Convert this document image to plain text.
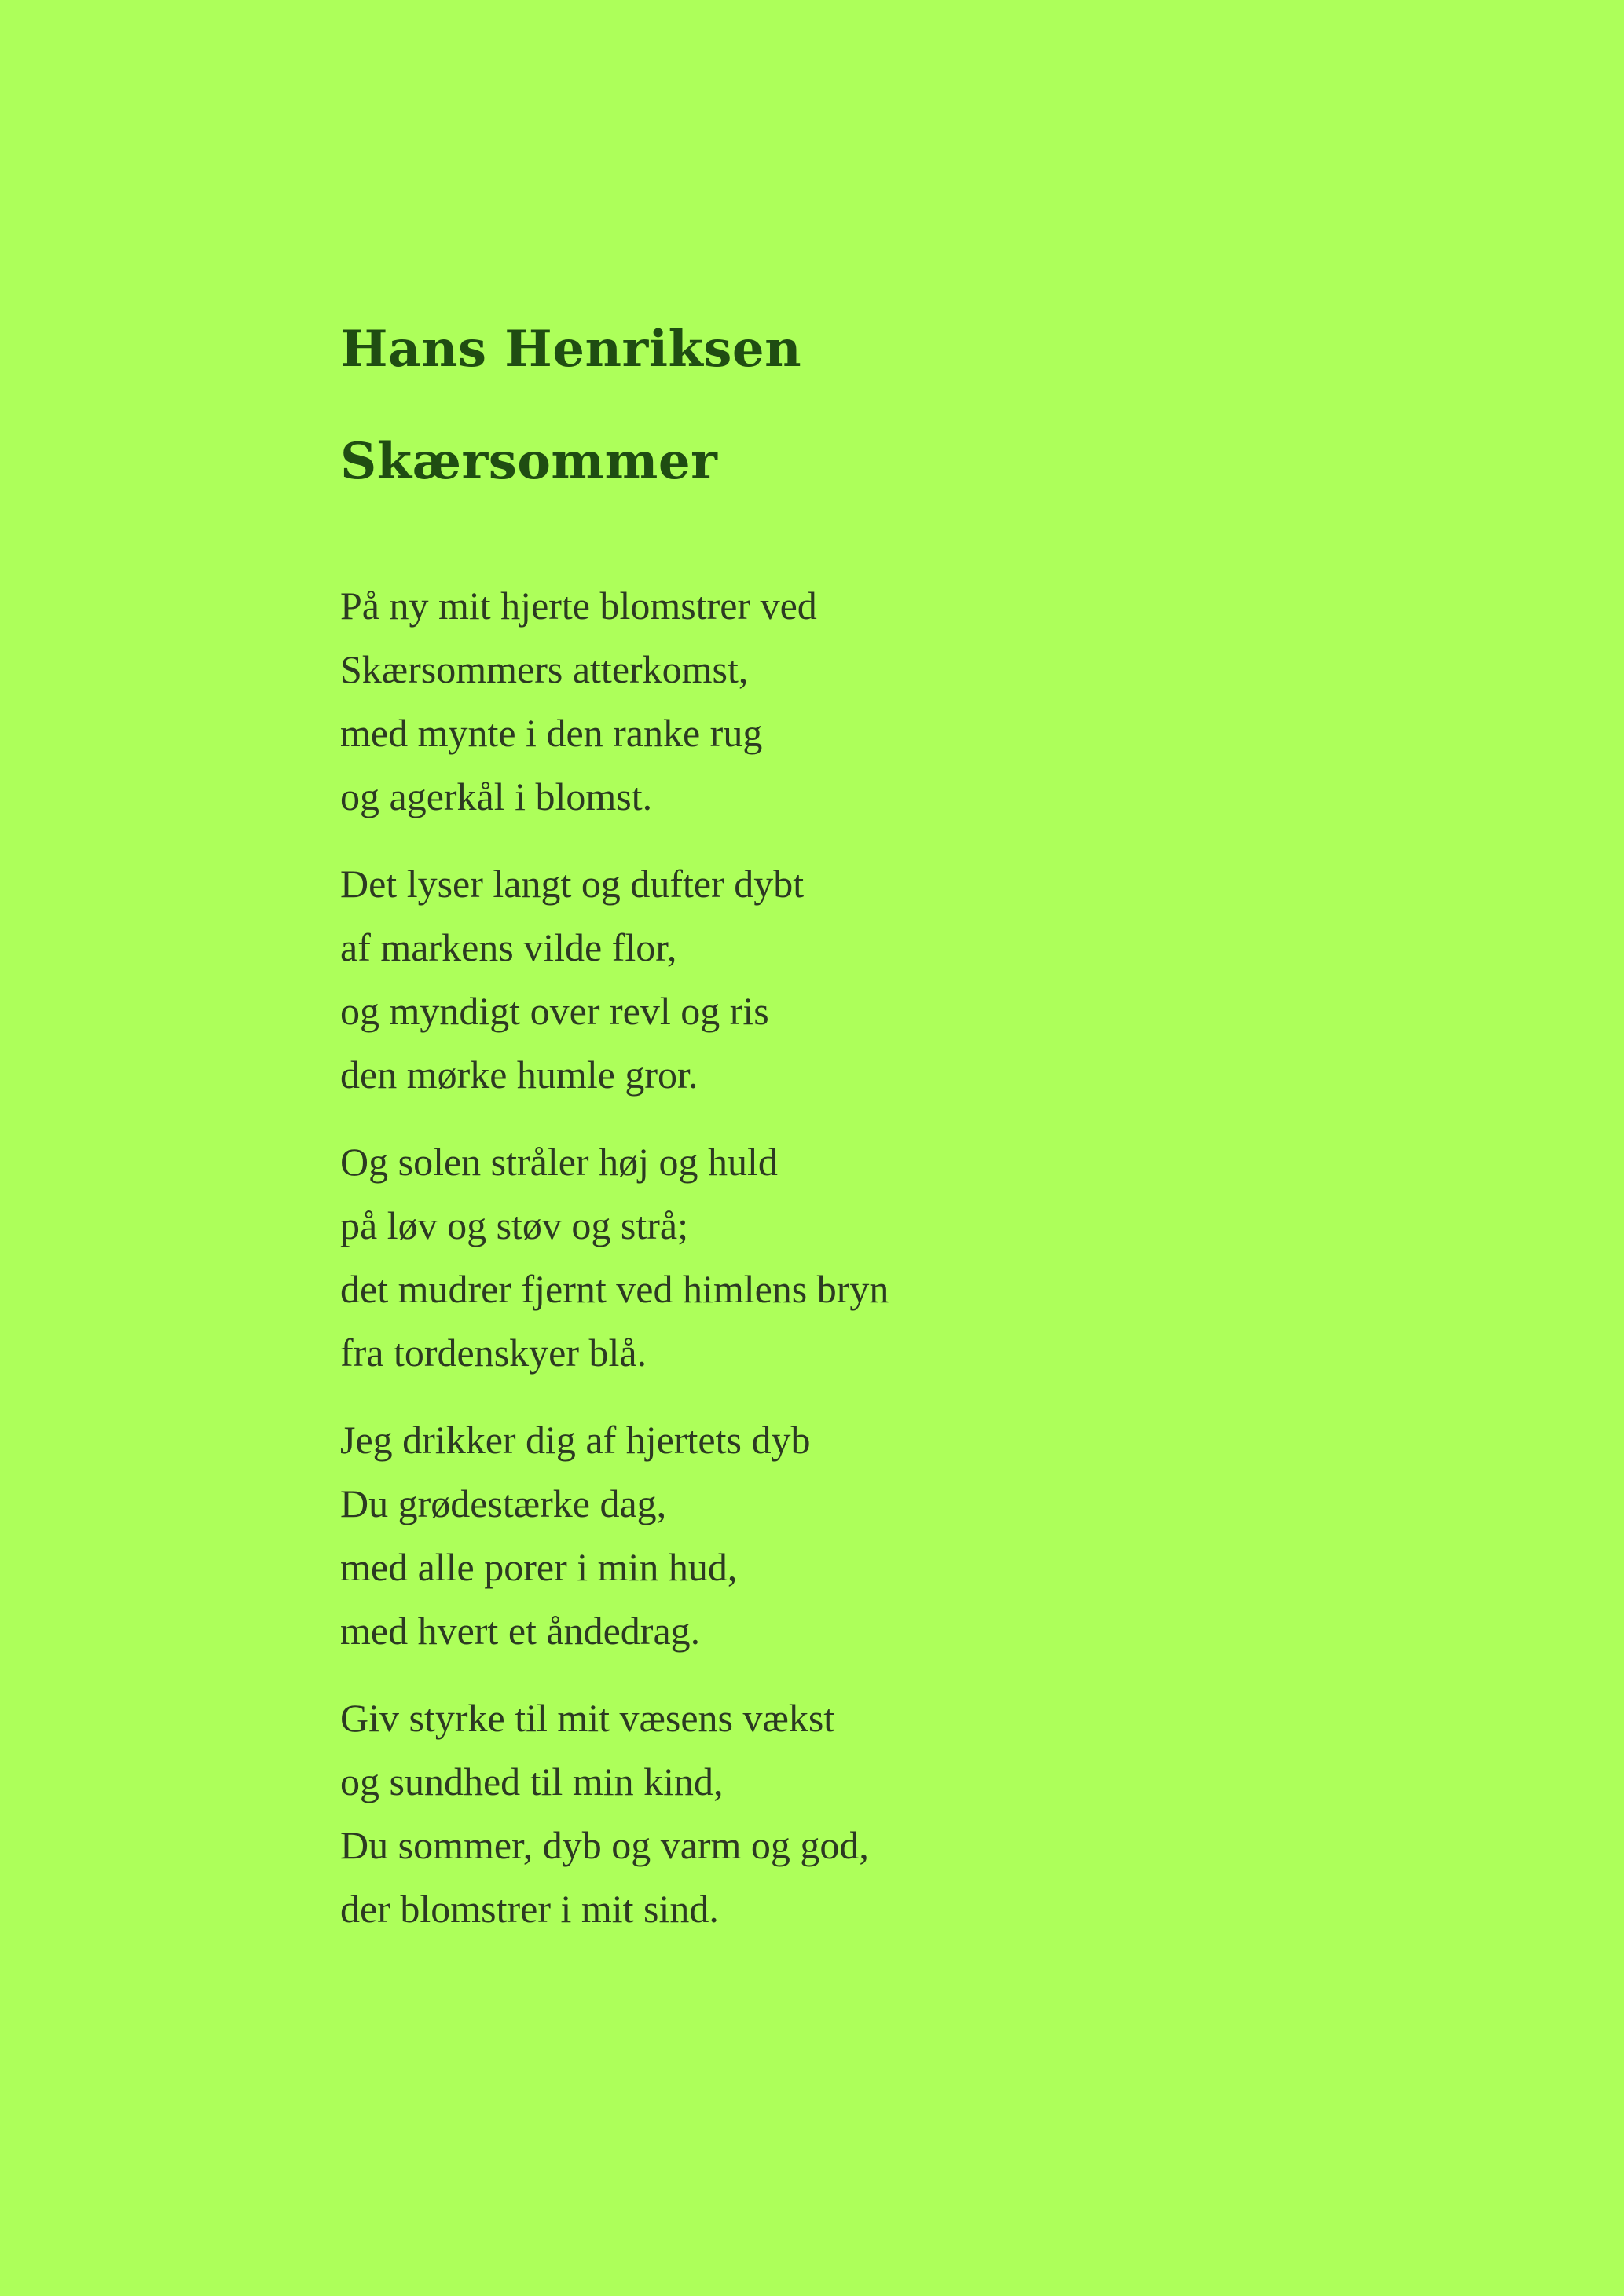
Hans Henriksen
Skærsommer
På ny mit hjerte blomstrer ved
Skærsommers atterkomst,
med mynte i den ranke rug
og agerkål i blomst.
Det lyser langt og dufter dybt
af markens vilde flor,
og myndigt over revl og ris
den mørke humle gror.
Og solen stråler høj og huld
på løv og støv og strå;
det mudrer fjernt ved himlens bryn
fra tordenskyer blå.
Jeg drikker dig af hjertets dyb
Du grødestærke dag,
med alle porer i min hud,
med hvert et åndedrag.
Giv styrke til mit væsens vækst
og sundhed til min kind,
Du sommer, dyb og varm og god,
der blomstrer i mit sind.
